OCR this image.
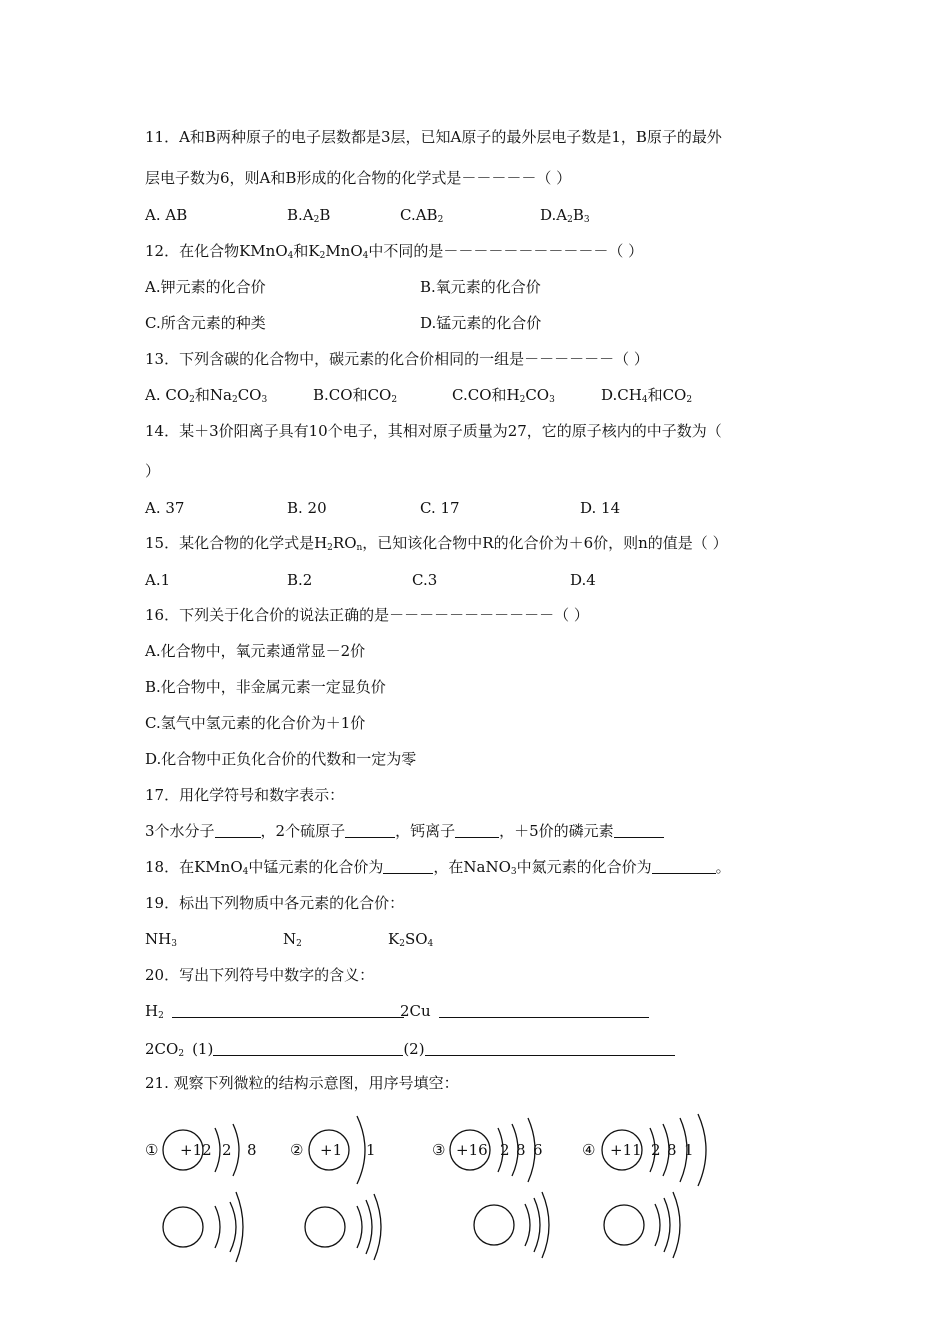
11．A和B两种原子的电子层数都是3层，已知A原子的最外层电子数是1，B原子的最外
层电子数为6，则A和B形成的化合物的化学式是－－－－－（ ）
A. AB	$B.A_2B$	$C.AB_2$	$D.A_2B_3$
12．在化合物KMnO$_4$和$K_2MnO_4$中不同的是－－－－－－－－－－－（ ）
A.钾元素的化合价	B.氧元素的化合价
C.所含元素的种类	D.锰元素的化合价
13．下列含碳的化合物中，碳元素的化合价相同的一组是－－－－－－（ ）
A. $CO_2$和$Na_2CO_3$	B.CO和$CO_2$	C.CO和$H_2CO_3$	$D.CH_4$和$CO_2$
14．某＋3价阳离子具有10个电子，其相对原子质量为27，它的原子核内的中子数为（
）
A. 37	B. 20	C. 17	D. 14
15．某化合物的化学式是$H_2RO_n$，已知该化合物中R的化合价为＋6价，则n的值是（ ）
A.1	B.2	C.3	D.4
16．下列关于化合价的说法正确的是－－－－－－－－－－－（ ）
A.化合物中，氧元素通常显－2价
B.化合物中，非金属元素一定显负价
C.氢气中氢元素的化合价为＋1价
D.化合物中正负化合价的代数和一定为零
17．用化学符号和数字表示：
3个水分子	，2个硫原子	，钙离子	，＋5价的磷元素
18．在KMnO$_4$中锰元素的化合价为	，在NaNO$_3$中氮元素的化合价为	。
19．标出下列物质中各元素的化合价：
$NH_3$	$N_2$	$K_2SO_4$
20．写出下列符号中数字的含义：
$H_2$	2Cu
$2CO_2$ (1)	(2)
21. 观察下列微粒的结构示意图，用序号填空：
① +12 2 8 ② +1 1	③ +16 2 8 6	④ +11 2 8 1
